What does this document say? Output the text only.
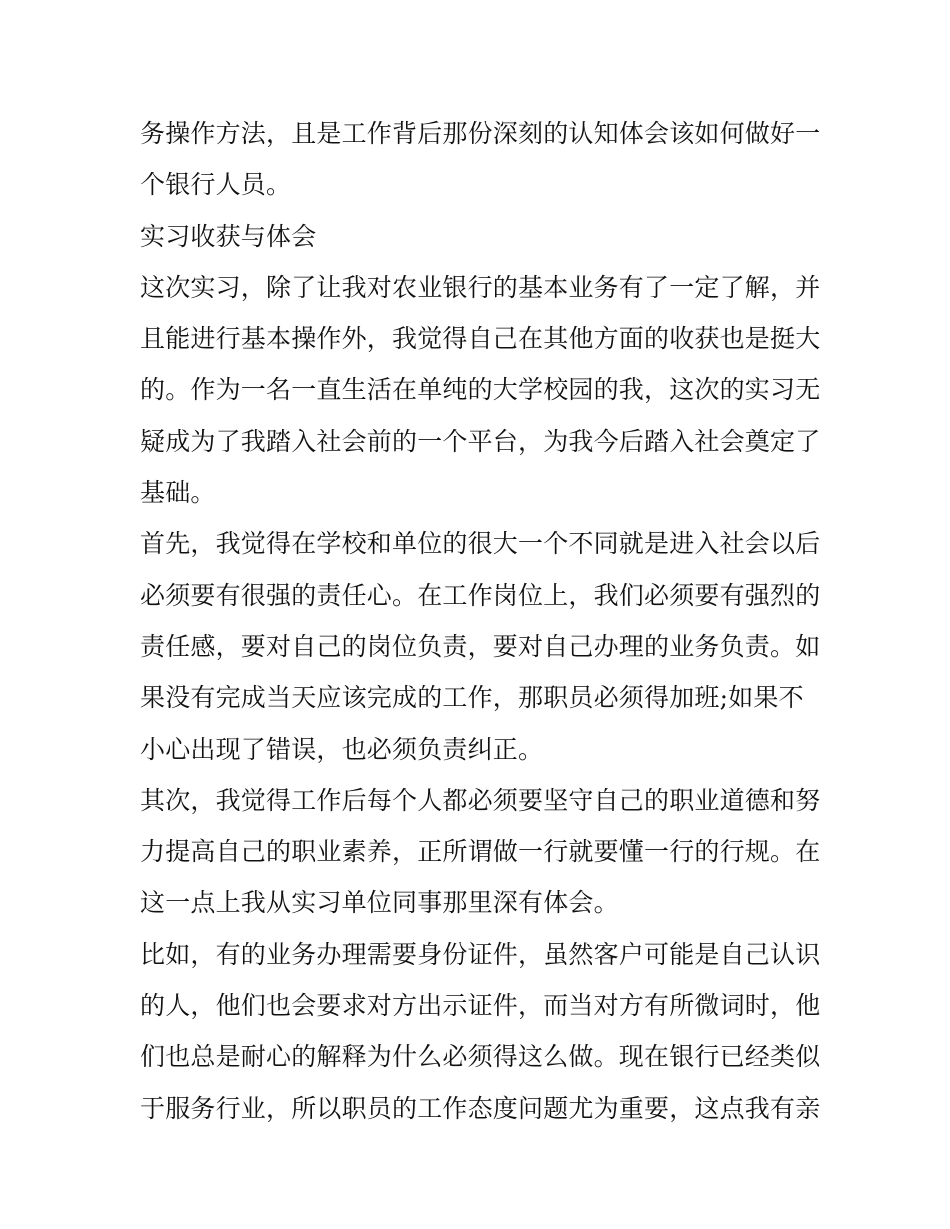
务操作方法，且是工作背后那份深刻的认知体会该如何做好一
个银行人员。
实习收获与体会
这次实习，除了让我对农业银行的基本业务有了一定了解，并
且能进行基本操作外，我觉得自己在其他方面的收获也是挺大
的。作为一名一直生活在单纯的大学校园的我，这次的实习无
疑成为了我踏入社会前的一个平台，为我今后踏入社会奠定了
基础。
首先，我觉得在学校和单位的很大一个不同就是进入社会以后
必须要有很强的责任心。在工作岗位上，我们必须要有强烈的
责任感，要对自己的岗位负责，要对自己办理的业务负责。如
果没有完成当天应该完成的工作，那职员必须得加班;如果不
小心出现了错误，也必须负责纠正。
其次，我觉得工作后每个人都必须要坚守自己的职业道德和努
力提高自己的职业素养，正所谓做一行就要懂一行的行规。在
这一点上我从实习单位同事那里深有体会。
比如，有的业务办理需要身份证件，虽然客户可能是自己认识
的人，他们也会要求对方出示证件，而当对方有所微词时，他
们也总是耐心的解释为什么必须得这么做。现在银行已经类似
于服务行业，所以职员的工作态度问题尤为重要，这点我有亲
